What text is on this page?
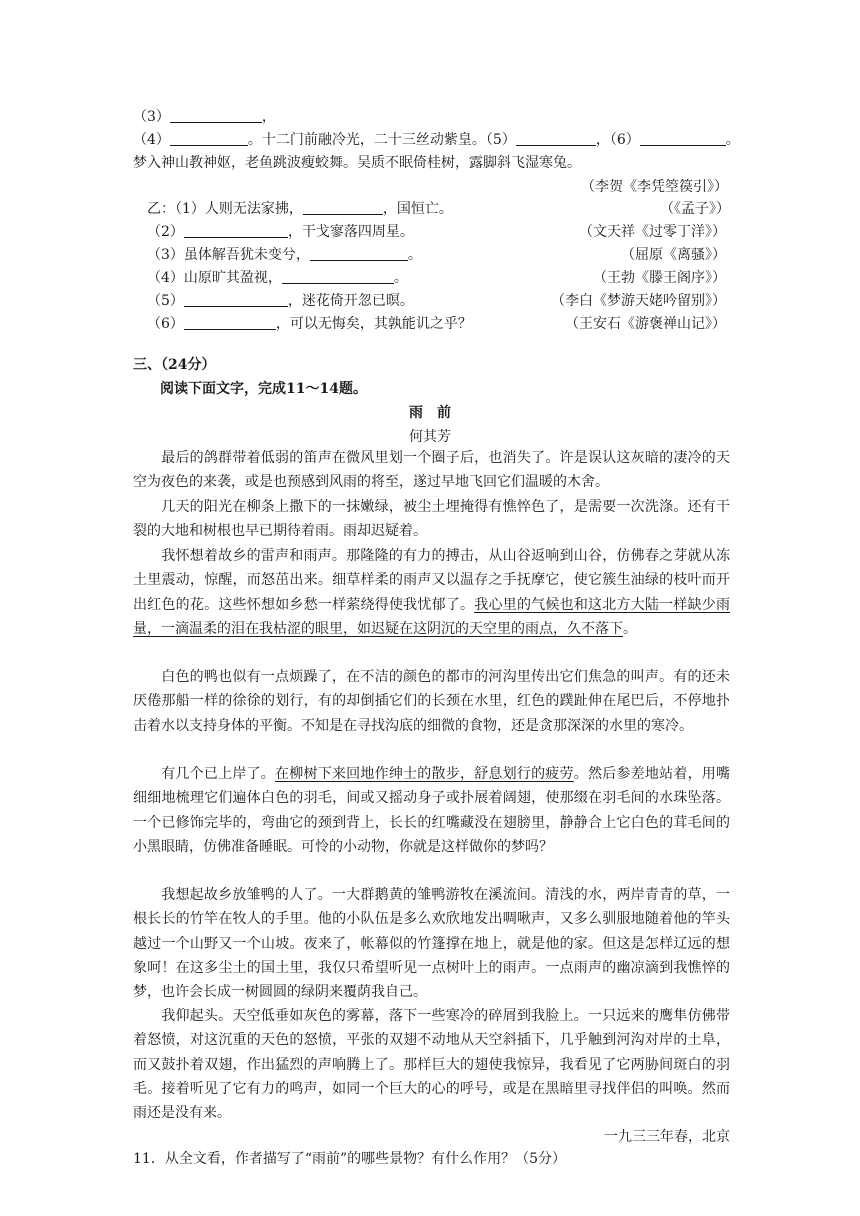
（3）	，
（4）	。十二门前融冷光，二十三丝动紫皇。（5）	，（6）	。
梦入神山教神妪，老鱼跳波瘦蛟舞。吴质不眠倚桂树，露脚斜飞湿寒兔。
（李贺《李凭箜篌引》）
乙：（1）人则无法家拂，	，国恒亡。	（《孟子》）
（2）	，干戈寥落四周星。	（文天祥《过零丁洋》）
（3）虽体解吾犹未变兮，	。	（屈原《离骚》）
（4）山原旷其盈视，	。	（王勃《滕王阁序》）
（5）	，迷花倚开忽已暝。	（李白《梦游天姥吟留别》）
（6）	，可以无悔矣，其孰能讥之乎？	（王安石《游褒禅山记》）
三、（24分）
阅读下面文字，完成11～14题。
雨　前
何其芳
最后的鸽群带着低弱的笛声在微风里划一个圈子后，也消失了。许是误认这灰暗的凄冷的天空为夜色的来袭，或是也预感到风雨的将至，遂过早地飞回它们温暖的木舍。
几天的阳光在柳条上撒下的一抹嫩绿，被尘土埋掩得有憔悴色了，是需要一次洗涤。还有干裂的大地和树根也早已期待着雨。雨却迟疑着。
我怀想着故乡的雷声和雨声。那隆隆的有力的搏击，从山谷返响到山谷，仿佛春之芽就从冻土里震动，惊醒，而怒茁出来。细草样柔的雨声又以温存之手抚摩它，使它簇生油绿的枝叶而开出红色的花。这些怀想如乡愁一样萦绕得使我忧郁了。我心里的气候也和这北方大陆一样缺少雨量，一滴温柔的泪在我枯涩的眼里，如迟疑在这阴沉的天空里的雨点，久不落下。
白色的鸭也似有一点烦躁了，在不洁的颜色的都市的河沟里传出它们焦急的叫声。有的还未厌倦那船一样的徐徐的划行，有的却倒插它们的长颈在水里，红色的蹼趾伸在尾巴后，不停地扑击着水以支持身体的平衡。不知是在寻找沟底的细微的食物，还是贪那深深的水里的寒冷。
有几个已上岸了。在柳树下来回地作绅士的散步，舒息划行的疲劳。然后参差地站着，用嘴细细地梳理它们遍体白色的羽毛，间或又摇动身子或扑展着阔翅，使那缀在羽毛间的水珠坠落。一个已修饰完毕的，弯曲它的颈到背上，长长的红嘴藏没在翅膀里，静静合上它白色的茸毛间的小黑眼睛，仿佛准备睡眠。可怜的小动物，你就是这样做你的梦吗？
我想起故乡放雏鸭的人了。一大群鹅黄的雏鸭游牧在溪流间。清浅的水，两岸青青的草，一根长长的竹竿在牧人的手里。他的小队伍是多么欢欣地发出啁啾声，又多么驯服地随着他的竿头越过一个山野又一个山坡。夜来了，帐幕似的竹篷撑在地上，就是他的家。但这是怎样辽远的想象呵！在这多尘土的国土里，我仅只希望听见一点树叶上的雨声。一点雨声的幽凉滴到我憔悴的梦，也许会长成一树圆圆的绿阴来覆荫我自己。
我仰起头。天空低垂如灰色的雾幕，落下一些寒冷的碎屑到我脸上。一只远来的鹰隼仿佛带着怒愤，对这沉重的天色的怒愤，平张的双翅不动地从天空斜插下，几乎触到河沟对岸的土阜，而又鼓扑着双翅，作出猛烈的声响腾上了。那样巨大的翅使我惊异，我看见了它两胁间斑白的羽毛。接着听见了它有力的鸣声，如同一个巨大的心的呼号，或是在黑暗里寻找伴侣的叫唤。然而雨还是没有来。
一九三三年春，北京
11．从全文看，作者描写了“雨前”的哪些景物？有什么作用？（5分）
